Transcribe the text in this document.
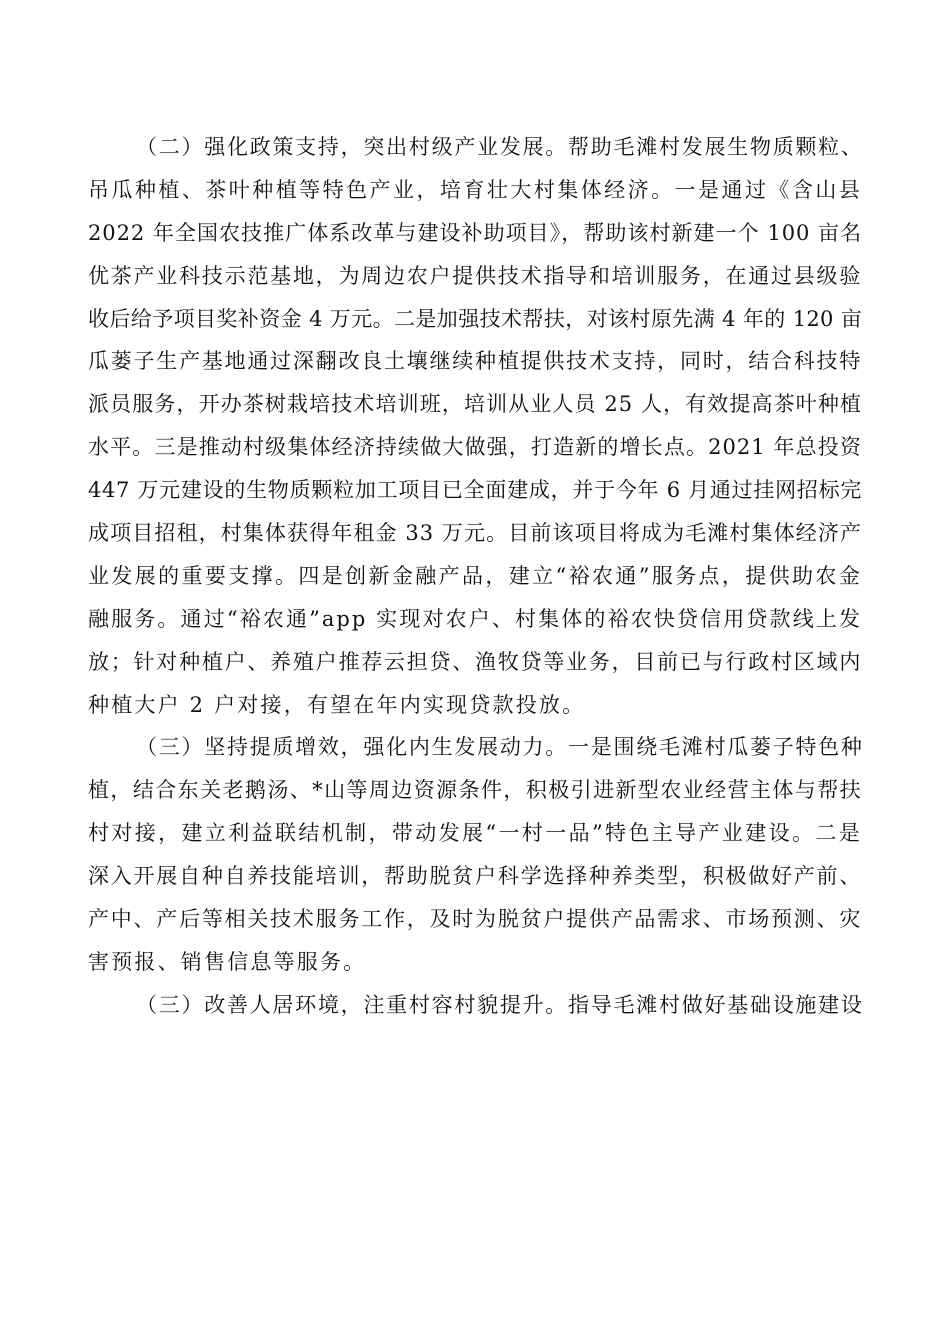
（二）强化政策支持，突出村级产业发展。帮助毛滩村发展生物质颗粒、
吊瓜种植、茶叶种植等特色产业，培育壮大村集体经济。一是通过《含山县
2022 年全国农技推广体系改革与建设补助项目》，帮助该村新建一个 100 亩名
优茶产业科技示范基地，为周边农户提供技术指导和培训服务，在通过县级验
收后给予项目奖补资金 4 万元。二是加强技术帮扶，对该村原先满 4 年的 120 亩
瓜蒌子生产基地通过深翻改良土壤继续种植提供技术支持，同时，结合科技特
派员服务，开办茶树栽培技术培训班，培训从业人员 25 人，有效提高茶叶种植
水平。三是推动村级集体经济持续做大做强，打造新的增长点。2021 年总投资
447 万元建设的生物质颗粒加工项目已全面建成，并于今年 6 月通过挂网招标完
成项目招租，村集体获得年租金 33 万元。目前该项目将成为毛滩村集体经济产
业发展的重要支撑。四是创新金融产品，建立“裕农通”服务点，提供助农金
融服务。通过“裕农通”app 实现对农户、村集体的裕农快贷信用贷款线上发
放；针对种植户、养殖户推荐云担贷、渔牧贷等业务，目前已与行政村区域内
种植大户 2 户对接，有望在年内实现贷款投放。
（三）坚持提质增效，强化内生发展动力。一是围绕毛滩村瓜蒌子特色种
植，结合东关老鹅汤、*山等周边资源条件，积极引进新型农业经营主体与帮扶
村对接，建立利益联结机制，带动发展“一村一品”特色主导产业建设。二是
深入开展自种自养技能培训，帮助脱贫户科学选择种养类型，积极做好产前、
产中、产后等相关技术服务工作，及时为脱贫户提供产品需求、市场预测、灾
害预报、销售信息等服务。
（三）改善人居环境，注重村容村貌提升。指导毛滩村做好基础设施建设
